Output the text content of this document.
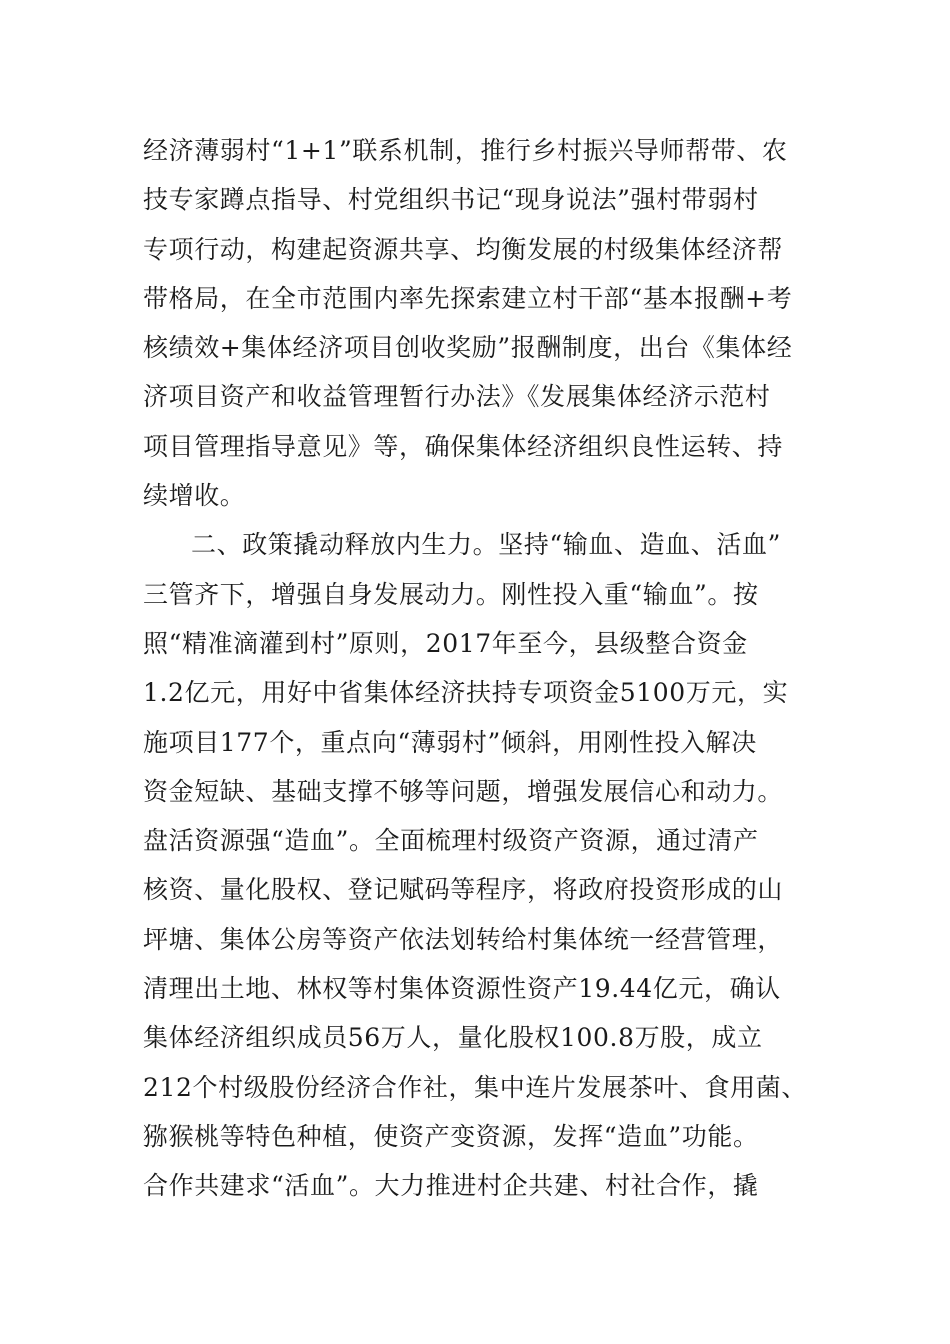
经济薄弱村“1+1”联系机制，推行乡村振兴导师帮带、农
技专家蹲点指导、村党组织书记“现身说法”强村带弱村
专项行动，构建起资源共享、均衡发展的村级集体经济帮
带格局，在全市范围内率先探索建立村干部“基本报酬+考
核绩效+集体经济项目创收奖励”报酬制度，出台《集体经
济项目资产和收益管理暂行办法》《发展集体经济示范村
项目管理指导意见》等，确保集体经济组织良性运转、持
续增收。
二、政策撬动释放内生力。坚持“输血、造血、活血”
三管齐下，增强自身发展动力。刚性投入重“输血”。按
照“精准滴灌到村”原则，2017年至今，县级整合资金
1.2亿元，用好中省集体经济扶持专项资金5100万元，实
施项目177个，重点向“薄弱村”倾斜，用刚性投入解决
资金短缺、基础支撑不够等问题，增强发展信心和动力。
盘活资源强“造血”。全面梳理村级资产资源，通过清产
核资、量化股权、登记赋码等程序，将政府投资形成的山
坪塘、集体公房等资产依法划转给村集体统一经营管理，
清理出土地、林权等村集体资源性资产19.44亿元，确认
集体经济组织成员56万人，量化股权100.8万股，成立
212个村级股份经济合作社，集中连片发展茶叶、食用菌、
猕猴桃等特色种植，使资产变资源，发挥“造血”功能。
合作共建求“活血”。大力推进村企共建、村社合作，撬
